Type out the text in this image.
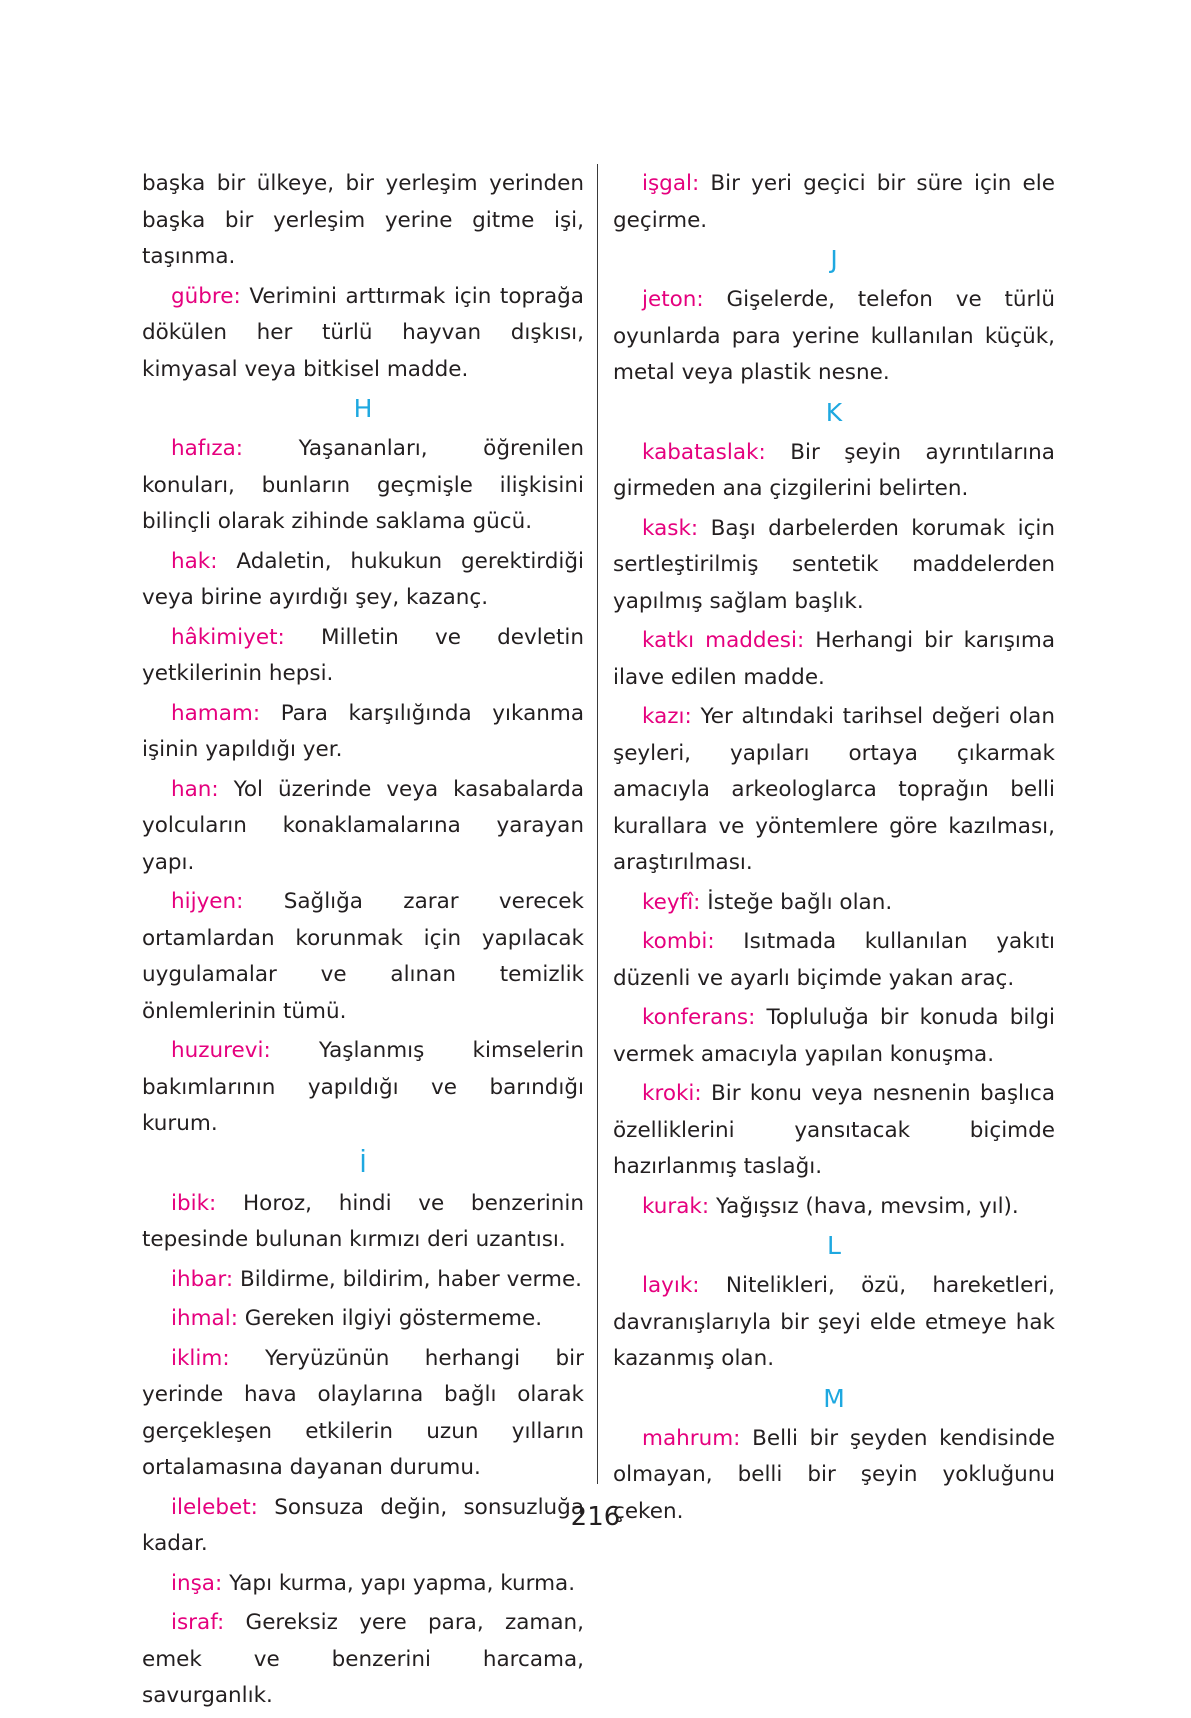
başka bir ülkeye, bir yerleşim yerinden başka bir yerleşim yerine gitme işi, taşınma.

gübre: Verimini arttırmak için toprağa dökülen her türlü hayvan dışkısı, kimyasal veya bitkisel madde.

H

hafıza:	Yaşananları, öğrenilen konuları, bunların geçmişle ilişkisini bilinçli olarak zihinde saklama gücü.

hak: Adaletin, hukukun gerektirdiği veya birine ayırdığı şey, kazanç.

hâkimiyet: Milletin ve devletin yetkilerinin hepsi.

hamam: Para karşılığında yıkanma işinin yapıldığı yer.

han: Yol üzerinde veya kasabalarda yolcuların konaklamalarına yarayan yapı.

hijyen: Sağlığa zarar verecek ortamlardan korunmak için yapılacak uygulamalar ve alınan temizlik önlemlerinin tümü.

huzurevi: Yaşlanmış kimselerin bakımlarının yapıldığı ve barındığı kurum.

İ

ibik: Horoz, hindi ve benzerinin tepesinde bulunan kırmızı deri uzantısı.

ihbar: Bildirme, bildirim, haber verme.

ihmal: Gereken ilgiyi göstermeme.

iklim: Yeryüzünün herhangi bir yerinde hava olaylarına bağlı olarak gerçekleşen etkilerin uzun yılların ortalamasına dayanan durumu.

ilelebet: Sonsuza değin, sonsuzluğa kadar.

inşa: Yapı kurma, yapı yapma, kurma.

israf: Gereksiz yere para, zaman, emek ve benzerini harcama, savurganlık.

işgal: Bir yeri geçici bir süre için ele geçirme.

J

jeton: Gişelerde, telefon ve türlü oyunlarda para yerine kullanılan küçük, metal veya plastik nesne.

K

kabataslak: Bir şeyin ayrıntılarına girmeden ana çizgilerini belirten.

kask: Başı darbelerden korumak için sertleştirilmiş sentetik maddelerden yapılmış sağlam başlık.

katkı maddesi: Herhangi bir karışıma ilave edilen madde.

kazı: Yer altındaki tarihsel değeri olan şeyleri, yapıları ortaya çıkarmak amacıyla arkeologlarca toprağın belli kurallara ve yöntemlere göre kazılması, araştırılması.

keyfî: İsteğe bağlı olan.

kombi: Isıtmada kullanılan yakıtı düzenli ve ayarlı biçimde yakan araç.

konferans: Topluluğa bir konuda bilgi vermek amacıyla yapılan konuşma.

kroki: Bir konu veya nesnenin başlıca özelliklerini yansıtacak biçimde hazırlanmış taslağı.

kurak: Yağışsız (hava, mevsim, yıl).

L

layık: Nitelikleri, özü, hareketleri, davranışlarıyla bir şeyi elde etmeye hak kazanmış olan.

M

mahrum: Belli bir şeyden kendisinde olmayan, belli bir şeyin yokluğunu çeken.

216
